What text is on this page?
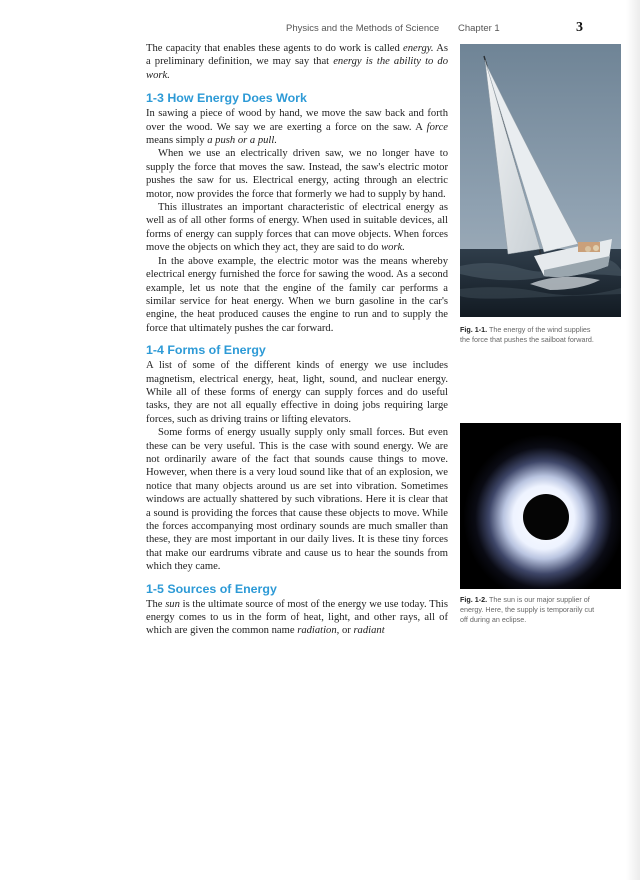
Physics and the Methods of Science Chapter 1	3

The capacity that enables these agents to do work is called energy. As a preliminary definition, we may say that energy is the ability to do work.

1-3 How Energy Does Work

In sawing a piece of wood by hand, we move the saw back and forth over the wood. We say we are exerting a force on the saw. A force means simply a push or a pull.

When we use an electrically driven saw, we no longer have to supply the force that moves the saw. Instead, the saw's electric motor pushes the saw for us. Electrical energy, acting through an electric motor, now provides the force that formerly we had to supply by hand.

This illustrates an important characteristic of electrical energy as well as of all other forms of energy. When used in suitable devices, all forms of energy can supply forces that can move objects. When forces move the objects on which they act, they are said to do work.

In the above example, the electric motor was the means whereby electrical energy furnished the force for sawing the wood. As a second example, let us note that the engine of the family car performs a similar service for heat energy. When we burn gasoline in the car's engine, the heat produced causes the engine to run and to supply the force that ultimately pushes the car forward.

1-4 Forms of Energy

A list of some of the different kinds of energy we use includes magnetism, electrical energy, heat, light, sound, and nuclear energy. While all of these forms of energy can supply forces and do useful tasks, they are not all equally effective in doing jobs requiring large forces, such as driving trains or lifting elevators.

Some forms of energy usually supply only small forces. But even these can be very useful. This is the case with sound energy. We are not ordinarily aware of the fact that sounds cause things to move. However, when there is a very loud sound like that of an explosion, we notice that many objects around us are set into vibration. Sometimes windows are actually shattered by such vibrations. Here it is clear that a sound is providing the forces that cause these objects to move. While the forces accompanying most ordinary sounds are much smaller than these, they are most important in our daily lives. It is these tiny forces that make our eardrums vibrate and cause us to hear the sounds from which they came.

1-5 Sources of Energy

The sun is the ultimate source of most of the energy we use today. This energy comes to us in the form of heat, light, and other rays, all of which are given the common name radiation, or radiant

Fig. 1-1. The energy of the wind supplies the force that pushes the sailboat forward.
Fig. 1-2. The sun is our major supplier of energy. Here, the supply is temporarily cut off during an eclipse.
